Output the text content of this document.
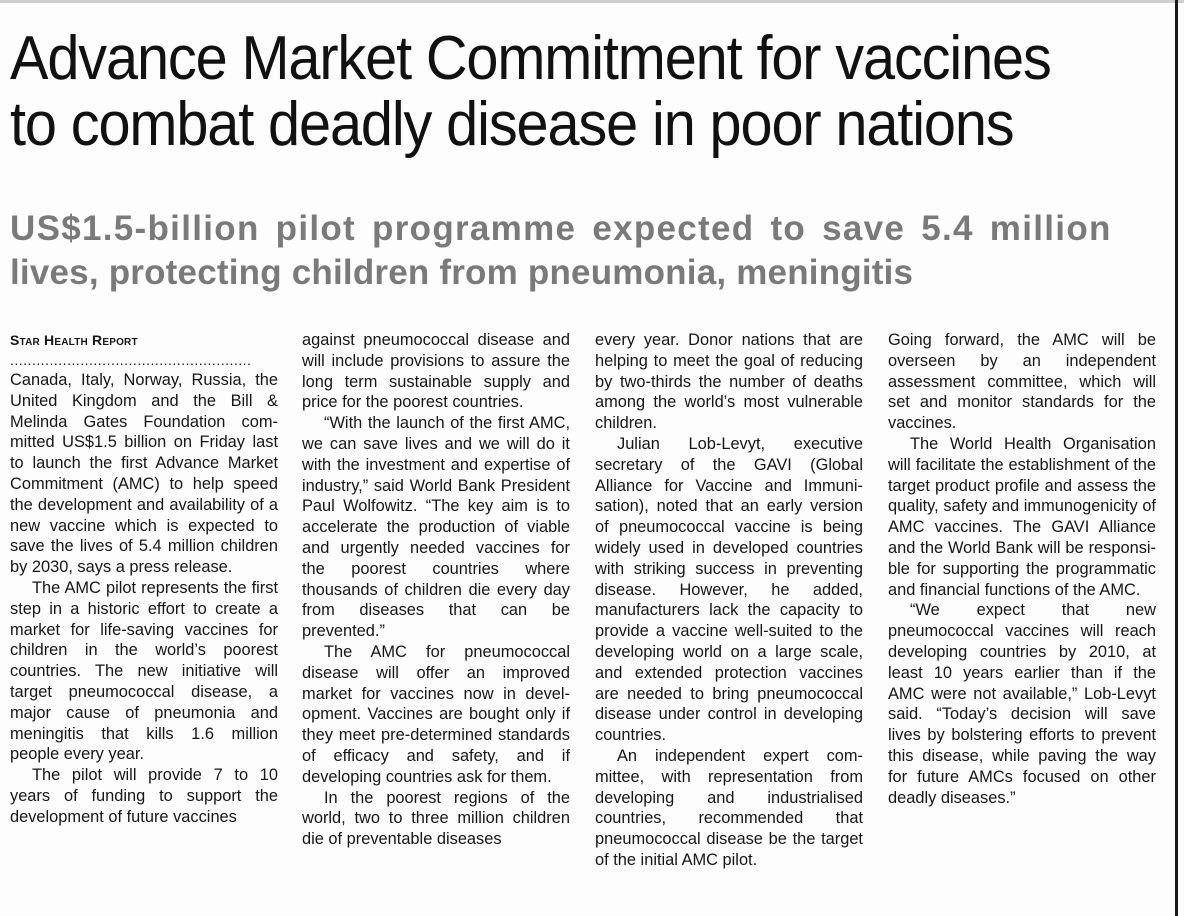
Advance Market Commitment for vaccines
to combat deadly disease in poor nations
US$1.5-billion pilot programme expected to save 5.4 million
lives, protecting children from pneumonia, meningitis

Star Health Report

.......................................................

Canada, Italy, Norway, Russia, the United Kingdom and the Bill & Melinda Gates Foundation committed US$1.5 billion on Friday last to launch the first Advance Market Commitment (AMC) to help speed the development and availability of a new vaccine which is expected to save the lives of 5.4 million children by 2030, says a press release.

The AMC pilot represents the first step in a historic effort to create a market for life-saving vaccines for children in the world’s poorest countries. The new initiative will target pneumococcal disease, a major cause of pneumonia and meningitis that kills 1.6 million people every year.

The pilot will provide 7 to 10 years of funding to support the development of future vaccines

against pneumococcal disease and will include provisions to assure the long term sustainable supply and price for the poorest countries.

“With the launch of the first AMC, we can save lives and we will do it with the investment and expertise of industry,” said World Bank President Paul Wolfowitz. “The key aim is to accelerate the production of viable and urgently needed vaccines for the poorest countries where thousands of children die every day from diseases that can be prevented.”

The AMC for pneumococcal disease will offer an improved market for vaccines now in development. Vaccines are bought only if they meet pre-determined standards of efficacy and safety, and if developing countries ask for them.

In the poorest regions of the world, two to three million children die of preventable diseases

every year. Donor nations that are helping to meet the goal of reducing by two-thirds the number of deaths among the world’s most vulnerable children.

Julian Lob-Levyt, executive secretary of the GAVI (Global Alliance for Vaccine and Immunisation), noted that an early version of pneumococcal vaccine is being widely used in developed countries with striking success in preventing disease. However, he added, manufacturers lack the capacity to provide a vaccine well-suited to the developing world on a large scale, and extended protection vaccines are needed to bring pneumococcal disease under control in developing countries.

An independent expert committee, with representation from developing and industrialised countries, recommended that pneumococcal disease be the target of the initial AMC pilot.

Going forward, the AMC will be overseen by an independent assessment committee, which will set and monitor standards for the vaccines.

The World Health Organisation will facilitate the establishment of the target product profile and assess the quality, safety and immunogenicity of AMC vaccines. The GAVI Alliance and the World Bank will be responsible for supporting the programmatic and financial functions of the AMC.

“We expect that new pneumococcal vaccines will reach developing countries by 2010, at least 10 years earlier than if the AMC were not available,” Lob-Levyt said. “Today’s decision will save lives by bolstering efforts to prevent this disease, while paving the way for future AMCs focused on other deadly diseases.”
